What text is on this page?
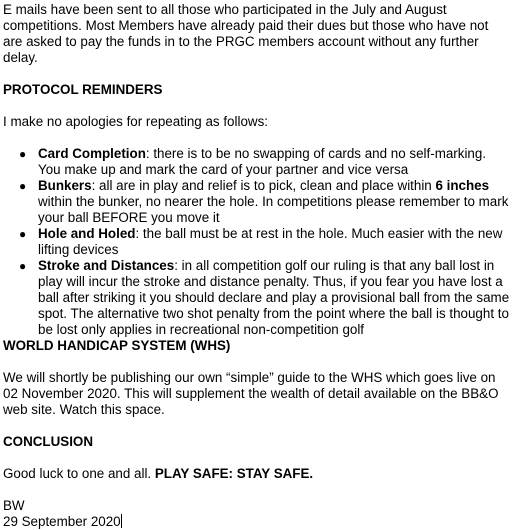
E mails have been sent to all those who participated in the July and August competitions. Most Members have already paid their dues but those who have not are asked to pay the funds in to the PRGC members account without any further delay.

PROTOCOL REMINDERS

I make no apologies for repeating as follows:

● Card Completion: there is to be no swapping of cards and no self-marking. You make up and mark the card of your partner and vice versa
● Bunkers: all are in play and relief is to pick, clean and place within 6 inches within the bunker, no nearer the hole. In competitions please remember to mark your ball BEFORE you move it
● Hole and Holed: the ball must be at rest in the hole. Much easier with the new lifting devices
● Stroke and Distances: in all competition golf our ruling is that any ball lost in play will incur the stroke and distance penalty. Thus, if you fear you have lost a ball after striking it you should declare and play a provisional ball from the same spot. The alternative two shot penalty from the point where the ball is thought to be lost only applies in recreational non-competition golf

WORLD HANDICAP SYSTEM (WHS)

We will shortly be publishing our own “simple” guide to the WHS which goes live on 02 November 2020. This will supplement the wealth of detail available on the BB&O web site. Watch this space.

CONCLUSION

Good luck to one and all. PLAY SAFE: STAY SAFE.

BW

29 September 2020
